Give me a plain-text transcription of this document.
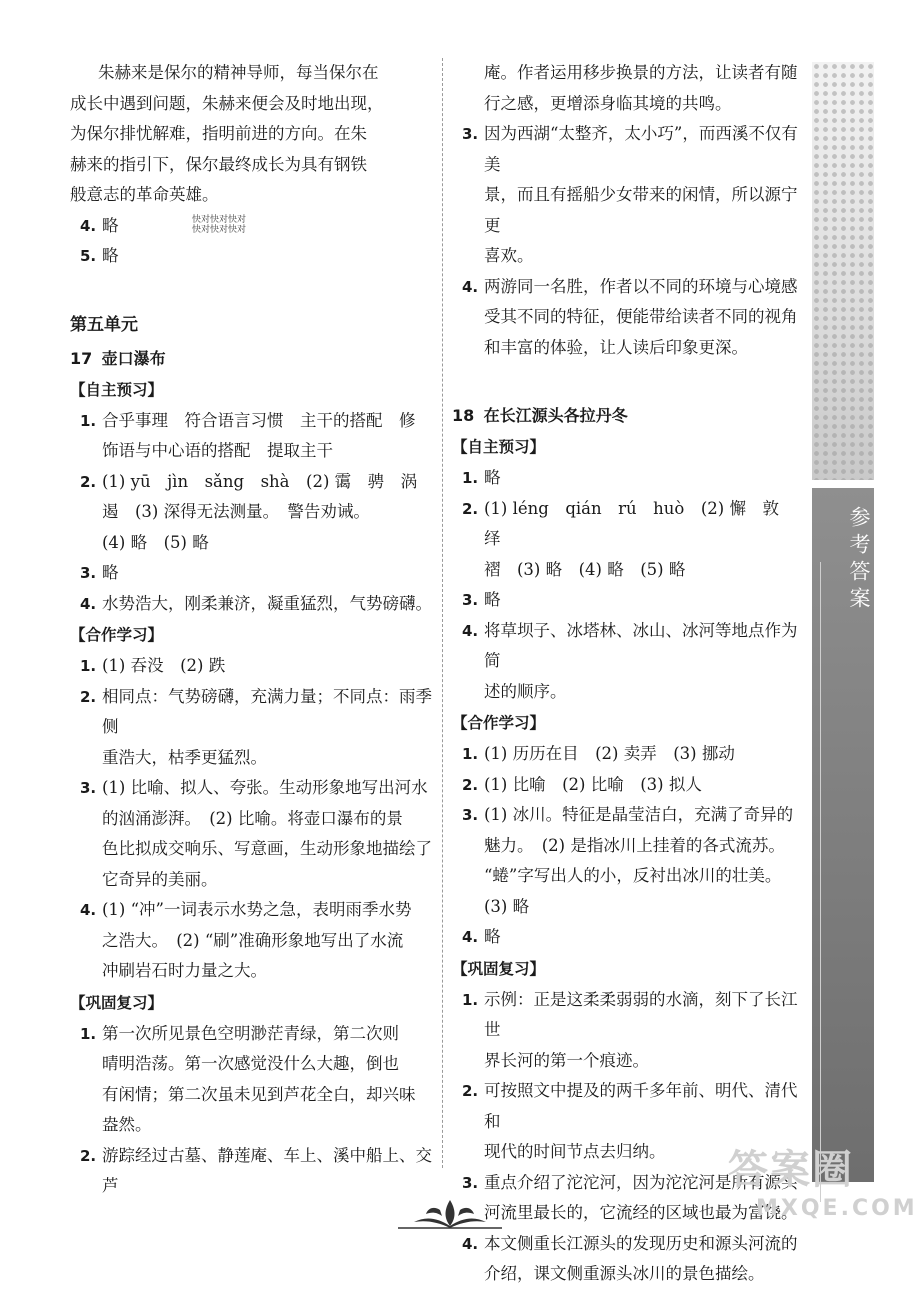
朱赫来是保尔的精神导师，每当保尔在

成长中遇到问题，朱赫来便会及时地出现，

为保尔排忧解难，指明前进的方向。在朱

赫来的指引下，保尔最终成长为具有钢铁

般意志的革命英雄。

4. 略	快对快对快对
快对快对快对
5. 略
第五单元
17 壶口瀑布
【自主预习】
1. 合乎事理　符合语言习惯　主干的搭配　修

饰语与中心语的搭配　提取主干

2. (1) yū　jìn　sǎng　shà　(2) 霭　骋　涡

遏　(3) 深得无法测量。　警告劝诫。

(4) 略　(5) 略

3. 略
4. 水势浩大，刚柔兼济，凝重猛烈，气势磅礴。
【合作学习】
1. (1) 吞没　(2) 跌
2. 相同点：气势磅礴，充满力量；不同点：雨季侧

重浩大，枯季更猛烈。

3. (1) 比喻、拟人、夸张。生动形象地写出河水

的汹涌澎湃。　(2) 比喻。将壶口瀑布的景

色比拟成交响乐、写意画，生动形象地描绘了

它奇异的美丽。

4. (1) “冲”一词表示水势之急，表明雨季水势

之浩大。　(2) “刷”准确形象地写出了水流

冲刷岩石时力量之大。

【巩固复习】
1. 第一次所见景色空明渺茫青绿，第二次则

晴明浩荡。第一次感觉没什么大趣，倒也

有闲情；第二次虽未见到芦花全白，却兴味

盎然。

2. 游踪经过古墓、静莲庵、车上、溪中船上、交芦

庵。作者运用移步换景的方法，让读者有随

行之感，更增添身临其境的共鸣。

3. 因为西湖“太整齐，太小巧”，而西溪不仅有美

景，而且有摇船少女带来的闲情，所以源宁更

喜欢。

4. 两游同一名胜，作者以不同的环境与心境感

受其不同的特征，便能带给读者不同的视角

和丰富的体验，让人读后印象更深。

18 在长江源头各拉丹冬
【自主预习】
1. 略
2. (1) léng　qián　rú　huò　(2) 懈　敦　绎

褶　(3) 略　(4) 略　(5) 略

3. 略
4. 将草坝子、冰塔林、冰山、冰河等地点作为简

述的顺序。

【合作学习】
1. (1) 历历在目　(2) 卖弄　(3) 挪动
2. (1) 比喻　(2) 比喻　(3) 拟人
3. (1) 冰川。特征是晶莹洁白，充满了奇异的

魅力。　(2) 是指冰川上挂着的各式流苏。

“蜷”字写出人的小，反衬出冰川的壮美。

(3) 略

4. 略
【巩固复习】
1. 示例：正是这柔柔弱弱的水滴，刻下了长江世

界长河的第一个痕迹。

2. 可按照文中提及的两千多年前、明代、清代和

现代的时间节点去归纳。

3. 重点介绍了沱沱河，因为沱沱河是所有源头

河流里最长的，它流经的区域也最为富饶。

4. 本文侧重长江源头的发现历史和源头河流的

介绍，课文侧重源头冰川的景色描绘。

参考答案
答案圈
MXQE.COM
